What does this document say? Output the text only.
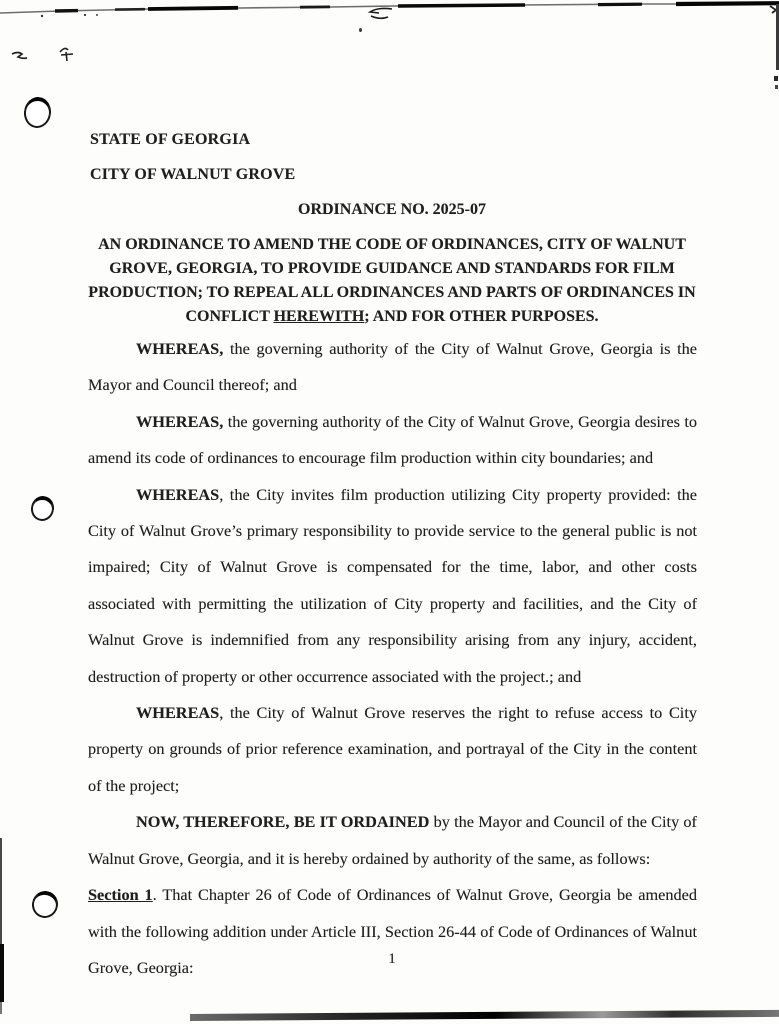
STATE OF GEORGIA
CITY OF WALNUT GROVE
ORDINANCE NO. 2025-07
AN ORDINANCE TO AMEND THE CODE OF ORDINANCES, CITY OF WALNUT GROVE, GEORGIA, TO PROVIDE GUIDANCE AND STANDARDS FOR FILM PRODUCTION; TO REPEAL ALL ORDINANCES AND PARTS OF ORDINANCES IN CONFLICT HEREWITH; AND FOR OTHER PURPOSES.

WHEREAS, the governing authority of the City of Walnut Grove, Georgia is the Mayor and Council thereof; and

WHEREAS, the governing authority of the City of Walnut Grove, Georgia desires to amend its code of ordinances to encourage film production within city boundaries; and

WHEREAS, the City invites film production utilizing City property provided: the City of Walnut Grove’s primary responsibility to provide service to the general public is not impaired; City of Walnut Grove is compensated for the time, labor, and other costs associated with permitting the utilization of City property and facilities, and the City of Walnut Grove is indemnified from any responsibility arising from any injury, accident, destruction of property or other occurrence associated with the project.; and

WHEREAS, the City of Walnut Grove reserves the right to refuse access to City property on grounds of prior reference examination, and portrayal of the City in the content of the project;

NOW, THEREFORE, BE IT ORDAINED by the Mayor and Council of the City of Walnut Grove, Georgia, and it is hereby ordained by authority of the same, as follows:

Section 1. That Chapter 26 of Code of Ordinances of Walnut Grove, Georgia be amended with the following addition under Article III, Section 26-44 of Code of Ordinances of Walnut Grove, Georgia:	1
